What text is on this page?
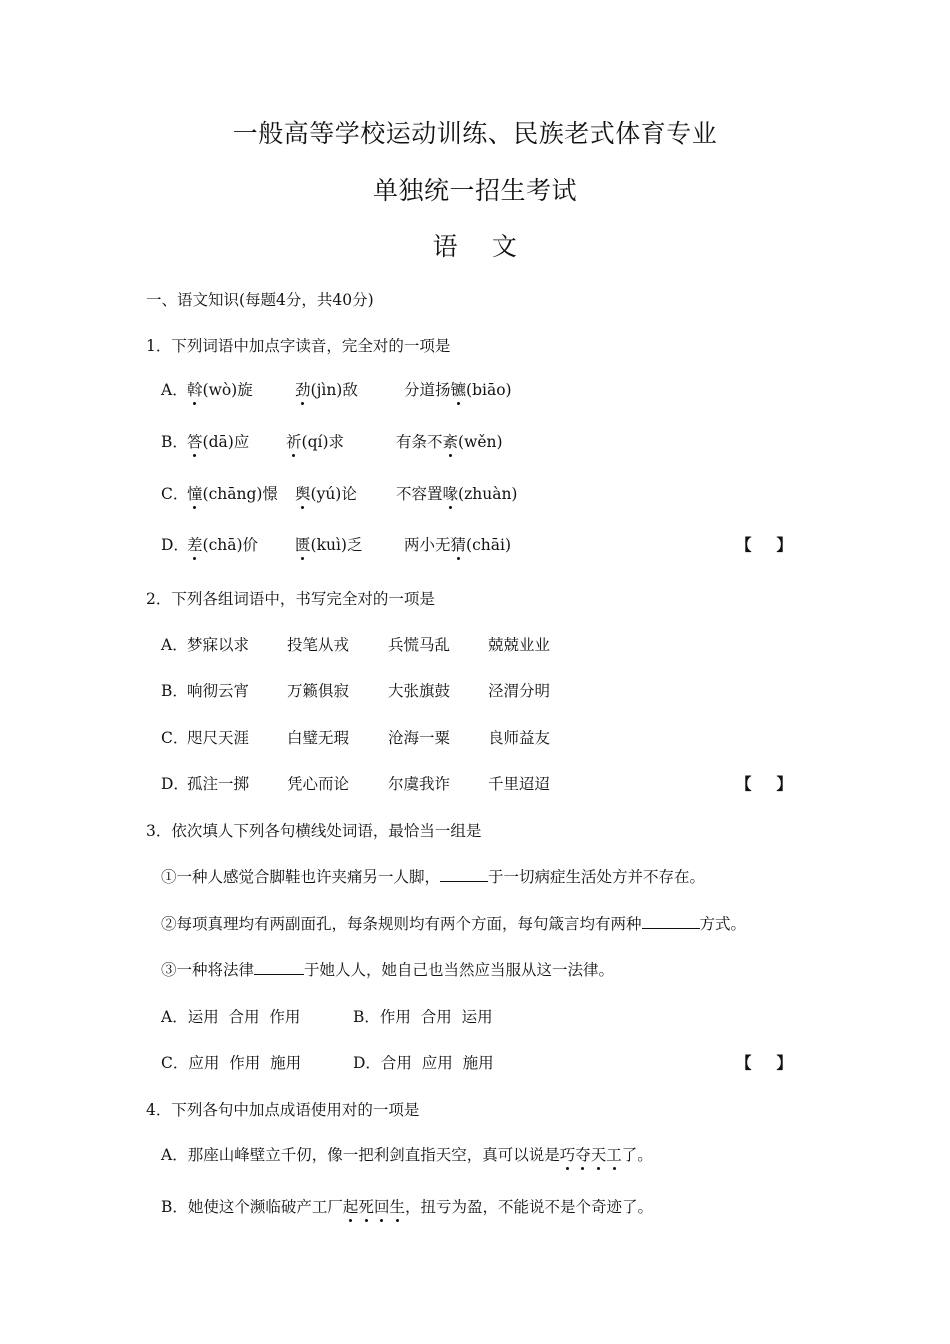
一般高等学校运动训练、民族老式体育专业
单独统一招生考试
语    文
一、语文知识(每题4分，共40分)
1．下列词语中加点字读音，完全对的一项是
A． 斡(wò)旋	劲(jìn)敌	分道扬镳(biāo)
B． 答(dā)应 祈(qí)求	有条不紊(wěn)
C．
憧(chāng)憬 舆(yú)论	不容置喙(zhuàn)
D．
差(chā)价 匮(kuì)乏	两小无猜(chāi)	【 】
2．下列各组词语中，书写完全对的一项是
A． 梦寐以求 投笔从戎	兵慌马乱 兢兢业业
B． 响彻云宵 万籁俱寂	大张旗鼓 泾渭分明
C．
咫尺天涯 白璧无瑕	沧海一粟 良师益友
D．
孤注一掷 凭心而论	尔虞我诈 千里迢迢	【 】
3．依次填人下列各句横线处词语，最恰当一组是
①一种人感觉合脚鞋也许夹痛另一人脚，	于一切病症生活处方并不存在。
②每项真理均有两副面孔，每条规则均有两个方面，每句箴言均有两种	方式。
③一种将法律	于她人人，她自己也当然应当服从这一法律。
A．运用  合用  作用	B．作用  合用  运用
C．应用  作用  施用	D．合用  应用  施用	【 】
4．下列各句中加点成语使用对的一项是
A．那座山峰壁立千仞，像一把利剑直指天空，真可以说是巧夺天工了。
B．她使这个濒临破产工厂起死回生，扭亏为盈，不能说不是个奇迹了。
